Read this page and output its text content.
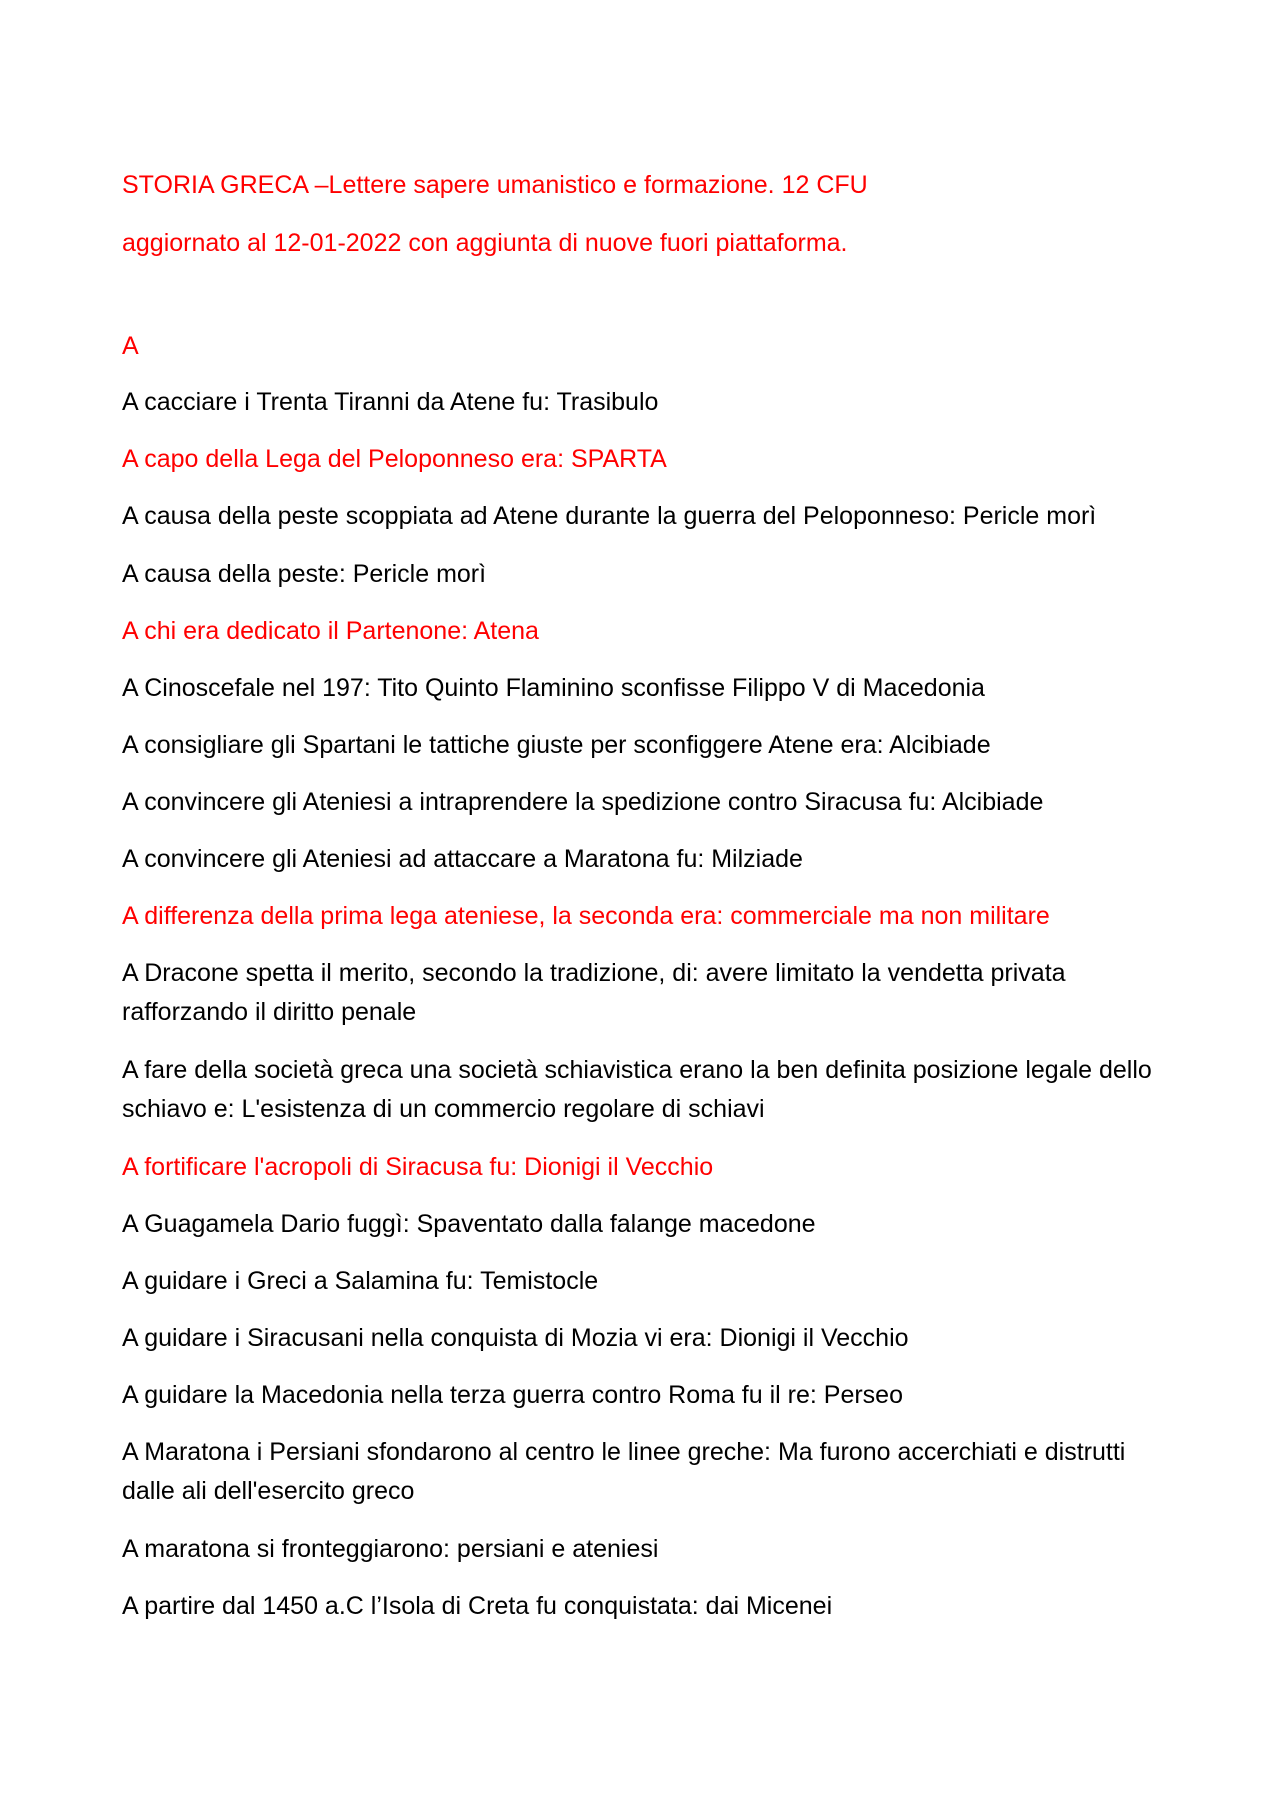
STORIA GRECA –Lettere sapere umanistico e formazione. 12 CFU
aggiornato al 12-01-2022 con aggiunta di nuove fuori piattaforma.
A
A cacciare i Trenta Tiranni da Atene fu: Trasibulo
A capo della Lega del Peloponneso era: SPARTA
A causa della peste scoppiata ad Atene durante la guerra del Peloponneso: Pericle morì
A causa della peste: Pericle morì
A chi era dedicato il Partenone: Atena
A Cinoscefale nel 197: Tito Quinto Flaminino sconfisse Filippo V di Macedonia
A consigliare gli Spartani le tattiche giuste per sconfiggere Atene era: Alcibiade
A convincere gli Ateniesi a intraprendere la spedizione contro Siracusa fu: Alcibiade
A convincere gli Ateniesi ad attaccare a Maratona fu: Milziade
A differenza della prima lega ateniese, la seconda era: commerciale ma non militare
A Dracone spetta il merito, secondo la tradizione, di: avere limitato la vendetta privata rafforzando il diritto penale
A fare della società greca una società schiavistica erano la ben definita posizione legale dello schiavo e: L'esistenza di un commercio regolare di schiavi
A fortificare l'acropoli di Siracusa fu: Dionigi il Vecchio
A Guagamela Dario fuggì: Spaventato dalla falange macedone
A guidare i Greci a Salamina fu: Temistocle
A guidare i Siracusani nella conquista di Mozia vi era: Dionigi il Vecchio
A guidare la Macedonia nella terza guerra contro Roma fu il re: Perseo
A Maratona i Persiani sfondarono al centro le linee greche: Ma furono accerchiati e distrutti dalle ali dell'esercito greco
A maratona si fronteggiarono: persiani e ateniesi
A partire dal 1450 a.C l’Isola di Creta fu conquistata: dai Micenei
